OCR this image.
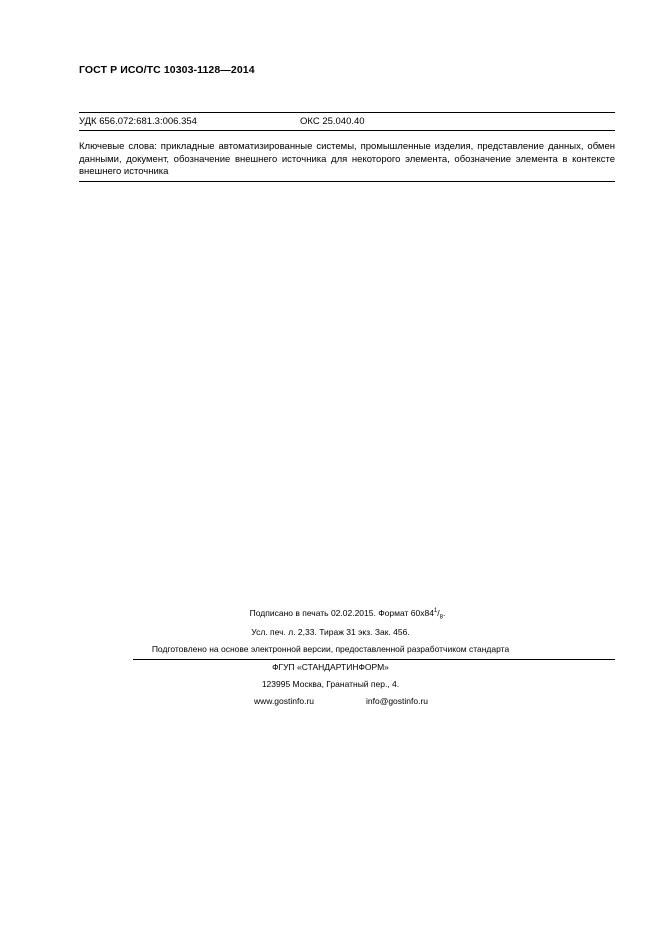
ГОСТ Р ИСО/ТС 10303-1128—2014
УДК 656.072:681.3:006.354	ОКС 25.040.40
Ключевые слова: прикладные автоматизированные системы, промышленные изделия, представление данных, обмен данными, документ, обозначение внешнего источника для некоторого элемента, обозначение элемента в контексте внешнего источника
Подписано в печать 02.02.2015. Формат $60х84^1/_8$.
Усл. печ. л. 2,33. Тираж 31 экз. Зак. 456.
Подготовлено на основе электронной версии, предоставленной разработчиком стандарта
ФГУП «СТАНДАРТИНФОРМ»
123995 Москва, Гранатный пер., 4.
www.gostinfo.ru	info@gostinfo.ru
